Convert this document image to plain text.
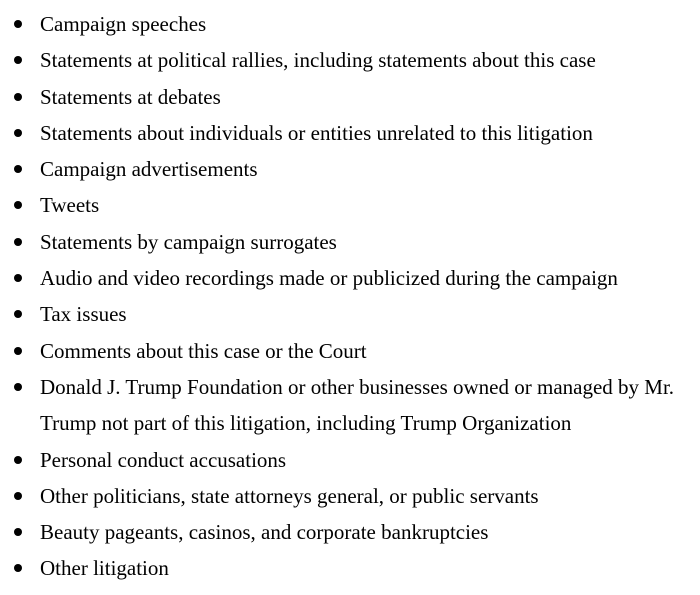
Campaign speeches
Statements at political rallies, including statements about this case
Statements at debates
Statements about individuals or entities unrelated to this litigation
Campaign advertisements
Tweets
Statements by campaign surrogates
Audio and video recordings made or publicized during the campaign
Tax issues
Comments about this case or the Court
Donald J. Trump Foundation or other businesses owned or managed by Mr. Trump not part of this litigation, including Trump Organization
Personal conduct accusations
Other politicians, state attorneys general, or public servants
Beauty pageants, casinos, and corporate bankruptcies
Other litigation
